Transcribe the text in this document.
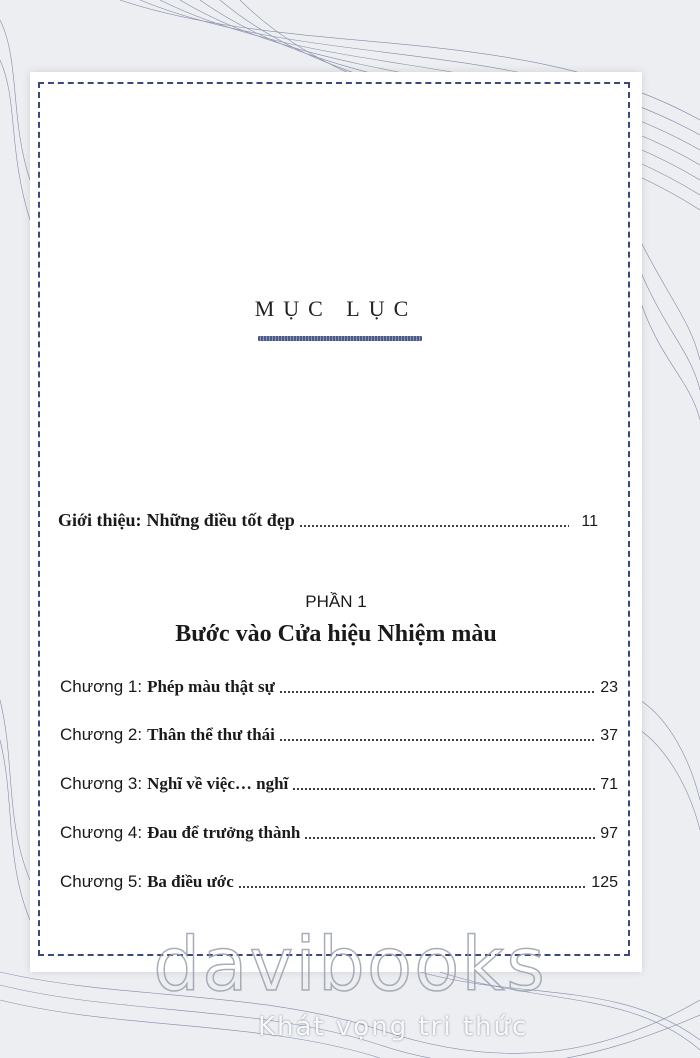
MỤC LỤC
Giới thiệu: Những điều tốt đẹp	11
PHẦN 1
Bước vào Cửa hiệu Nhiệm màu
Chương 1: Phép màu thật sự	23
Chương 2: Thân thể thư thái	37
Chương 3: Nghĩ về việc… nghĩ	71
Chương 4: Đau để trưởng thành	97
Chương 5: Ba điều ước	125
davibooks
Khát vọng tri thức
